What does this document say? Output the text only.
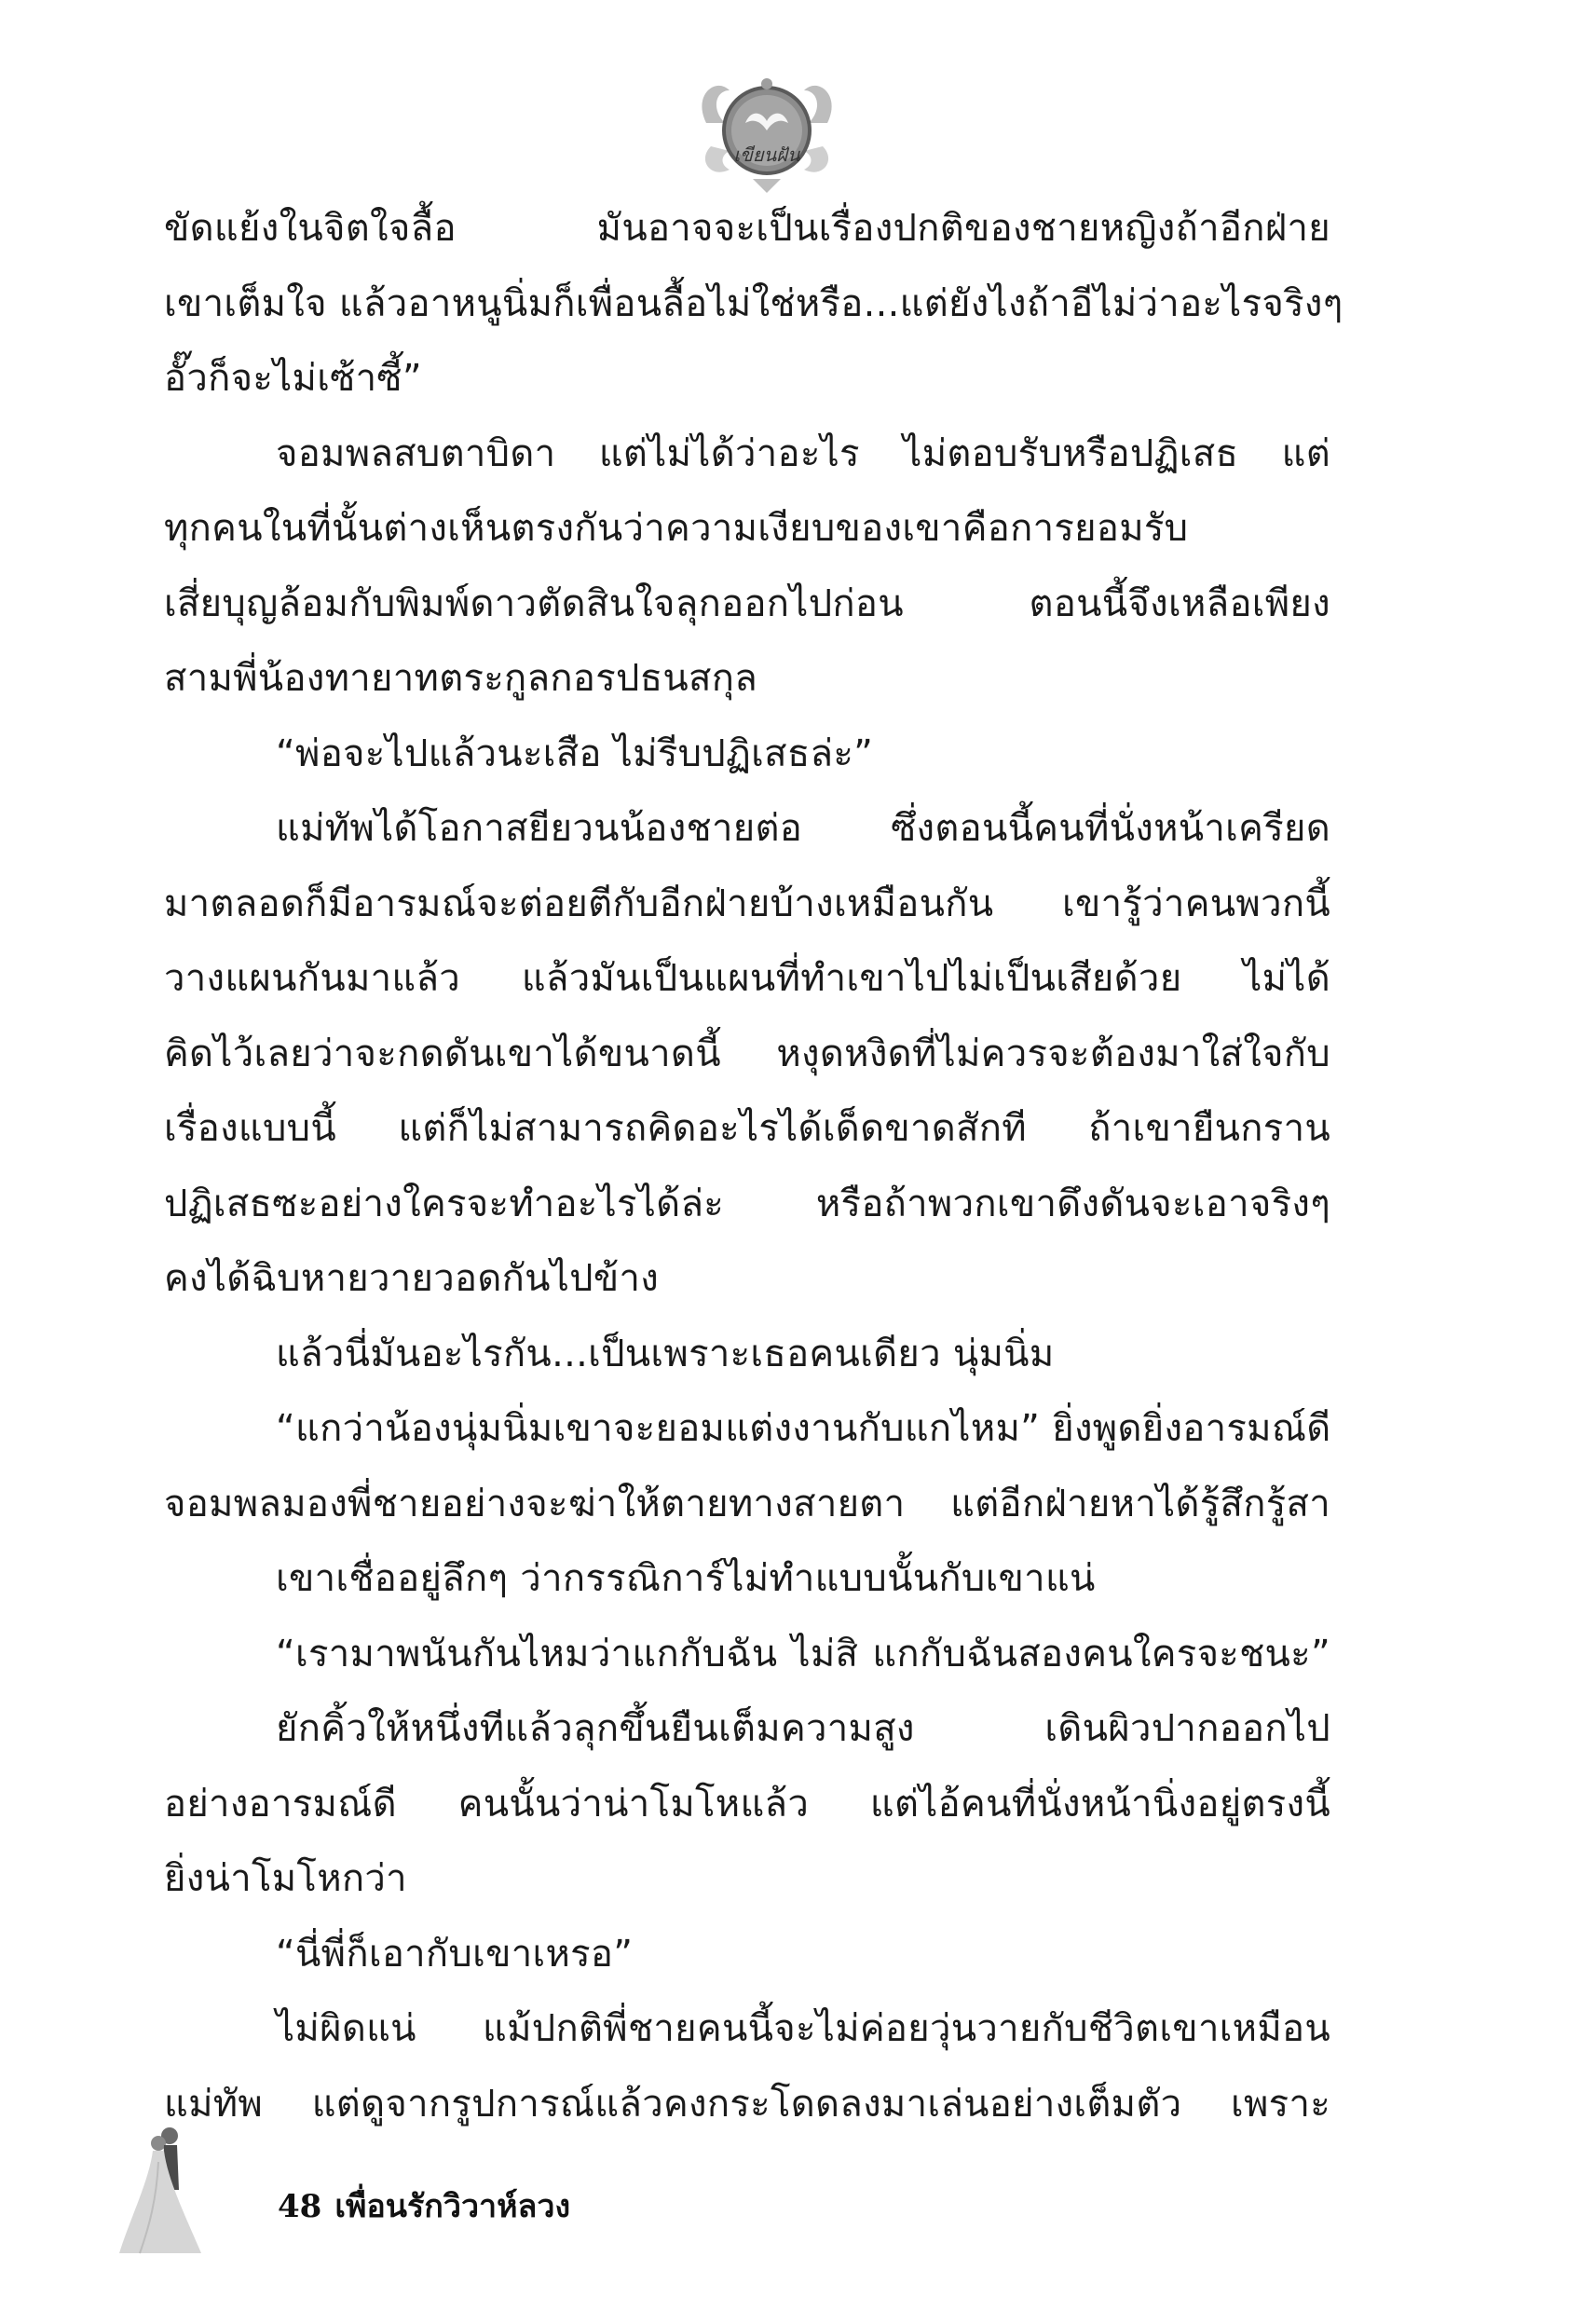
เขียนฝัน
ขัดแย้งในจิตใจลื้อ มันอาจจะเป็นเรื่องปกติของชายหญิงถ้าอีกฝ่าย
เขาเต็มใจ แล้วอาหนูนิ่มก็เพื่อนลื้อไม่ใช่หรือ...แต่ยังไงถ้าอีไม่ว่าอะไรจริงๆ
อั๊วก็จะไม่เซ้าซี้”
จอมพลสบตาบิดา แต่ไม่ได้ว่าอะไร ไม่ตอบรับหรือปฏิเสธ แต่
ทุกคนในที่นั้นต่างเห็นตรงกันว่าความเงียบของเขาคือการยอมรับ
เสี่ยบุญล้อมกับพิมพ์ดาวตัดสินใจลุกออกไปก่อน ตอนนี้จึงเหลือเพียง
สามพี่น้องทายาทตระกูลกอรปธนสกุล
“พ่อจะไปแล้วนะเสือ ไม่รีบปฏิเสธล่ะ”
แม่ทัพได้โอกาสยียวนน้องชายต่อ ซึ่งตอนนี้คนที่นั่งหน้าเครียด
มาตลอดก็มีอารมณ์จะต่อยตีกับอีกฝ่ายบ้างเหมือนกัน เขารู้ว่าคนพวกนี้
วางแผนกันมาแล้ว แล้วมันเป็นแผนที่ทำเขาไปไม่เป็นเสียด้วย ไม่ได้
คิดไว้เลยว่าจะกดดันเขาได้ขนาดนี้ หงุดหงิดที่ไม่ควรจะต้องมาใส่ใจกับ
เรื่องแบบนี้ แต่ก็ไม่สามารถคิดอะไรได้เด็ดขาดสักที ถ้าเขายืนกราน
ปฏิเสธซะอย่างใครจะทำอะไรได้ล่ะ หรือถ้าพวกเขาดึงดันจะเอาจริงๆ
คงได้ฉิบหายวายวอดกันไปข้าง
แล้วนี่มันอะไรกัน...เป็นเพราะเธอคนเดียว นุ่มนิ่ม
“แกว่าน้องนุ่มนิ่มเขาจะยอมแต่งงานกับแกไหม” ยิ่งพูดยิ่งอารมณ์ดี
จอมพลมองพี่ชายอย่างจะฆ่าให้ตายทางสายตา แต่อีกฝ่ายหาได้รู้สึกรู้สา
เขาเชื่ออยู่ลึกๆ ว่ากรรณิการ์ไม่ทำแบบนั้นกับเขาแน่
“เรามาพนันกันไหมว่าแกกับฉัน ไม่สิ แกกับฉันสองคนใครจะชนะ”
ยักคิ้วให้หนึ่งทีแล้วลุกขึ้นยืนเต็มความสูง เดินผิวปากออกไป
อย่างอารมณ์ดี คนนั้นว่าน่าโมโหแล้ว แต่ไอ้คนที่นั่งหน้านิ่งอยู่ตรงนี้
ยิ่งน่าโมโหกว่า
“นี่พี่ก็เอากับเขาเหรอ”
ไม่ผิดแน่ แม้ปกติพี่ชายคนนี้จะไม่ค่อยวุ่นวายกับชีวิตเขาเหมือน
แม่ทัพ แต่ดูจากรูปการณ์แล้วคงกระโดดลงมาเล่นอย่างเต็มตัว เพราะ
48 เพื่อนรักวิวาห์ลวง
